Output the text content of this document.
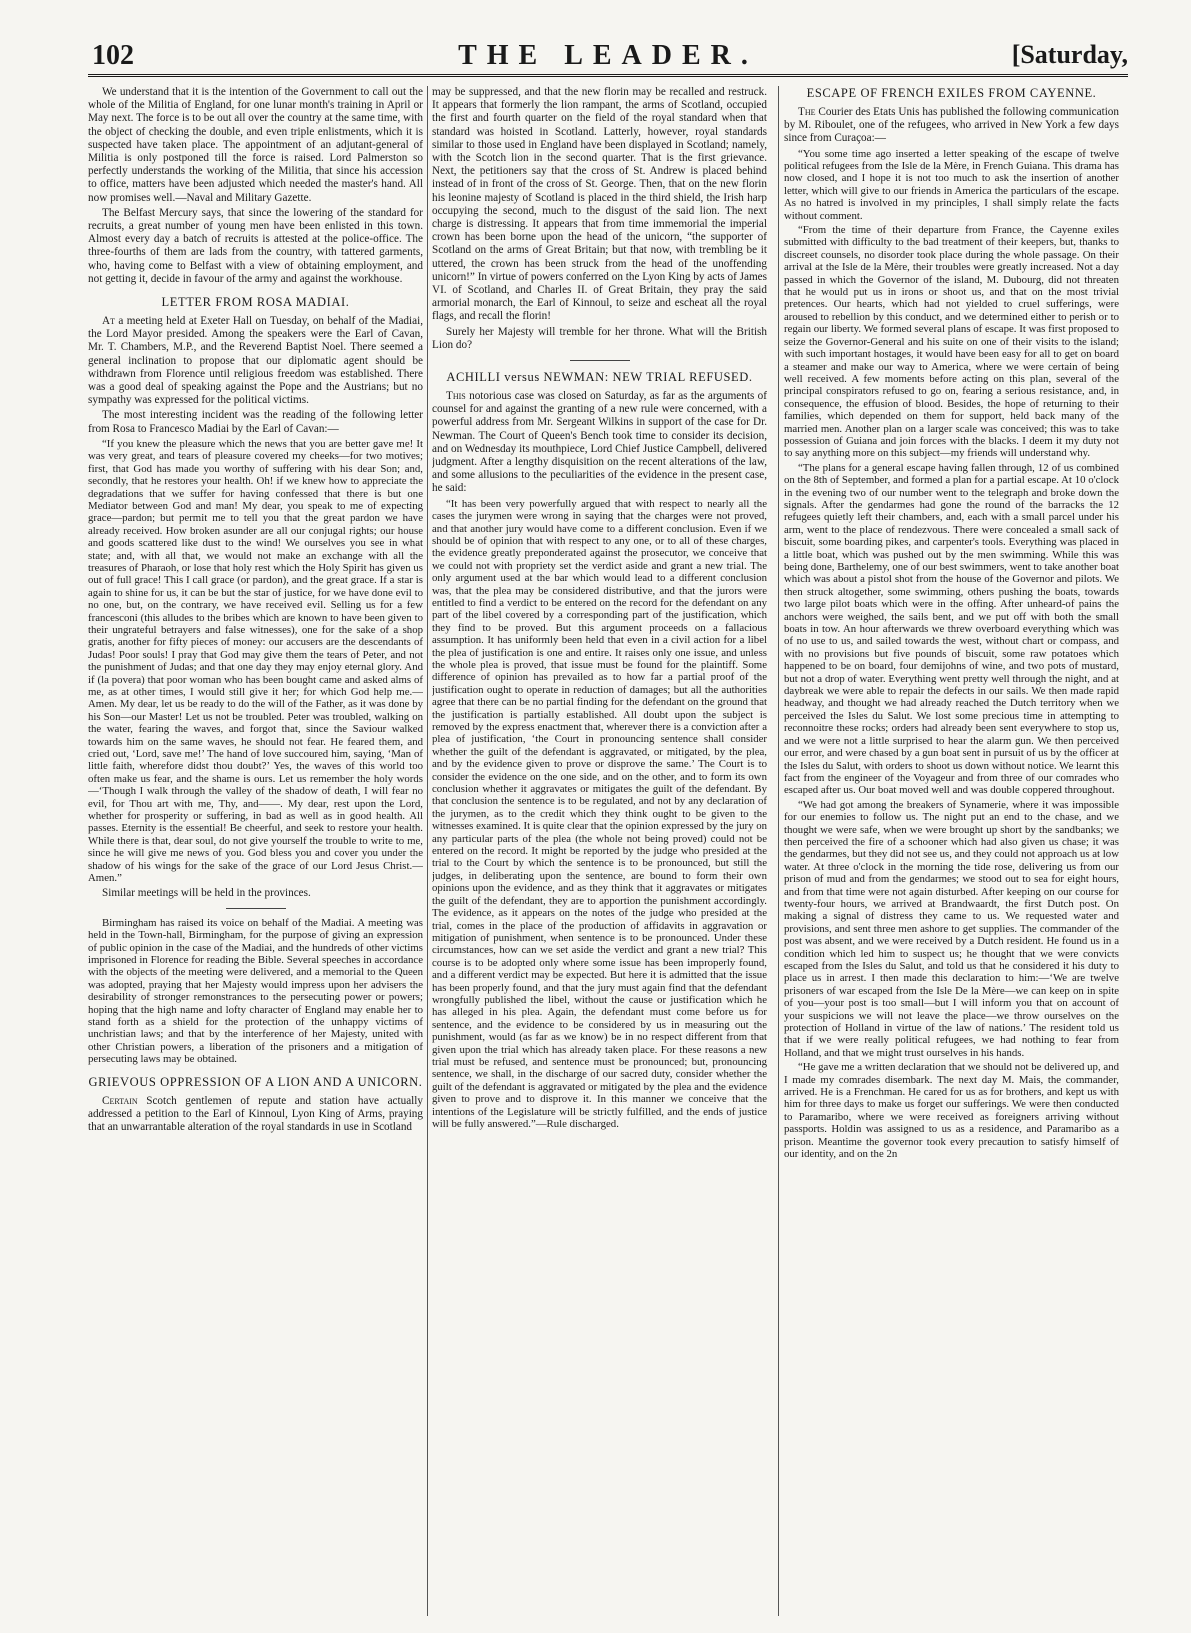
102	THE LEADER.	[Saturday,

We understand that it is the intention of the Government to call out the whole of the Militia of England, for one lunar month's training in April or May next. The force is to be out all over the country at the same time, with the object of checking the double, and even triple enlistments, which it is suspected have taken place. The appointment of an adjutant-general of Militia is only postponed till the force is raised. Lord Palmerston so perfectly understands the working of the Militia, that since his accession to office, matters have been adjusted which needed the master's hand. All now promises well.—Naval and Military Gazette.

The Belfast Mercury says, that since the lowering of the standard for recruits, a great number of young men have been enlisted in this town. Almost every day a batch of recruits is attested at the police-office. The three-fourths of them are lads from the country, with tattered garments, who, having come to Belfast with a view of obtaining employment, and not getting it, decide in favour of the army and against the workhouse.

LETTER FROM ROSA MADIAI.

At a meeting held at Exeter Hall on Tuesday, on behalf of the Madiai, the Lord Mayor presided. Among the speakers were the Earl of Cavan, Mr. T. Chambers, M.P., and the Reverend Baptist Noel. There seemed a general inclination to propose that our diplomatic agent should be withdrawn from Florence until religious freedom was established. There was a good deal of speaking against the Pope and the Austrians; but no sympathy was expressed for the political victims.

The most interesting incident was the reading of the following letter from Rosa to Francesco Madiai by the Earl of Cavan:—

“If you knew the pleasure which the news that you are better gave me! It was very great, and tears of pleasure covered my cheeks—for two motives; first, that God has made you worthy of suffering with his dear Son; and, secondly, that he restores your health. Oh! if we knew how to appreciate the degradations that we suffer for having confessed that there is but one Mediator between God and man! My dear, you speak to me of expecting grace—pardon; but permit me to tell you that the great pardon we have already received. How broken asunder are all our conjugal rights; our house and goods scattered like dust to the wind! We ourselves you see in what state; and, with all that, we would not make an exchange with all the treasures of Pharaoh, or lose that holy rest which the Holy Spirit has given us out of full grace! This I call grace (or pardon), and the great grace. If a star is again to shine for us, it can be but the star of justice, for we have done evil to no one, but, on the contrary, we have received evil. Selling us for a few francesconi (this alludes to the bribes which are known to have been given to their ungrateful betrayers and false witnesses), one for the sake of a shop gratis, another for fifty pieces of money: our accusers are the descendants of Judas! Poor souls! I pray that God may give them the tears of Peter, and not the punishment of Judas; and that one day they may enjoy eternal glory. And if (la povera) that poor woman who has been bought came and asked alms of me, as at other times, I would still give it her; for which God help me.—Amen. My dear, let us be ready to do the will of the Father, as it was done by his Son—our Master! Let us not be troubled. Peter was troubled, walking on the water, fearing the waves, and forgot that, since the Saviour walked towards him on the same waves, he should not fear. He feared them, and cried out, ‘Lord, save me!’ The hand of love succoured him, saying, ‘Man of little faith, wherefore didst thou doubt?’ Yes, the waves of this world too often make us fear, and the shame is ours. Let us remember the holy words—‘Though I walk through the valley of the shadow of death, I will fear no evil, for Thou art with me, Thy, and——. My dear, rest upon the Lord, whether for prosperity or suffering, in bad as well as in good health. All passes. Eternity is the essential! Be cheerful, and seek to restore your health. While there is that, dear soul, do not give yourself the trouble to write to me, since he will give me news of you. God bless you and cover you under the shadow of his wings for the sake of the grace of our Lord Jesus Christ.—Amen.”

Similar meetings will be held in the provinces.

Birmingham has raised its voice on behalf of the Madiai. A meeting was held in the Town-hall, Birmingham, for the purpose of giving an expression of public opinion in the case of the Madiai, and the hundreds of other victims imprisoned in Florence for reading the Bible. Several speeches in accordance with the objects of the meeting were delivered, and a memorial to the Queen was adopted, praying that her Majesty would impress upon her advisers the desirability of stronger remonstrances to the persecuting power or powers; hoping that the high name and lofty character of England may enable her to stand forth as a shield for the protection of the unhappy victims of unchristian laws; and that by the interference of her Majesty, united with other Christian powers, a liberation of the prisoners and a mitigation of persecuting laws may be obtained.

GRIEVOUS OPPRESSION OF A LION AND A UNICORN.

Certain Scotch gentlemen of repute and station have actually addressed a petition to the Earl of Kinnoul, Lyon King of Arms, praying that an unwarrantable alteration of the royal standards in use in Scotland

may be suppressed, and that the new florin may be recalled and restruck. It appears that formerly the lion rampant, the arms of Scotland, occupied the first and fourth quarter on the field of the royal standard when that standard was hoisted in Scotland. Latterly, however, royal standards similar to those used in England have been displayed in Scotland; namely, with the Scotch lion in the second quarter. That is the first grievance. Next, the petitioners say that the cross of St. Andrew is placed behind instead of in front of the cross of St. George. Then, that on the new florin his leonine majesty of Scotland is placed in the third shield, the Irish harp occupying the second, much to the disgust of the said lion. The next charge is distressing. It appears that from time immemorial the imperial crown has been borne upon the head of the unicorn, “the supporter of Scotland on the arms of Great Britain; but that now, with trembling be it uttered, the crown has been struck from the head of the unoffending unicorn!” In virtue of powers conferred on the Lyon King by acts of James VI. of Scotland, and Charles II. of Great Britain, they pray the said armorial monarch, the Earl of Kinnoul, to seize and escheat all the royal flags, and recall the florin!

Surely her Majesty will tremble for her throne. What will the British Lion do?

ACHILLI versus NEWMAN: NEW TRIAL REFUSED.

This notorious case was closed on Saturday, as far as the arguments of counsel for and against the granting of a new rule were concerned, with a powerful address from Mr. Sergeant Wilkins in support of the case for Dr. Newman. The Court of Queen's Bench took time to consider its decision, and on Wednesday its mouthpiece, Lord Chief Justice Campbell, delivered judgment. After a lengthy disquisition on the recent alterations of the law, and some allusions to the peculiarities of the evidence in the present case, he said:

“It has been very powerfully argued that with respect to nearly all the cases the jurymen were wrong in saying that the charges were not proved, and that another jury would have come to a different conclusion. Even if we should be of opinion that with respect to any one, or to all of these charges, the evidence greatly preponderated against the prosecutor, we conceive that we could not with propriety set the verdict aside and grant a new trial. The only argument used at the bar which would lead to a different conclusion was, that the plea may be considered distributive, and that the jurors were entitled to find a verdict to be entered on the record for the defendant on any part of the libel covered by a corresponding part of the justification, which they find to be proved. But this argument proceeds on a fallacious assumption. It has uniformly been held that even in a civil action for a libel the plea of justification is one and entire. It raises only one issue, and unless the whole plea is proved, that issue must be found for the plaintiff. Some difference of opinion has prevailed as to how far a partial proof of the justification ought to operate in reduction of damages; but all the authorities agree that there can be no partial finding for the defendant on the ground that the justification is partially established. All doubt upon the subject is removed by the express enactment that, wherever there is a conviction after a plea of justification, ‘the Court in pronouncing sentence shall consider whether the guilt of the defendant is aggravated, or mitigated, by the plea, and by the evidence given to prove or disprove the same.’ The Court is to consider the evidence on the one side, and on the other, and to form its own conclusion whether it aggravates or mitigates the guilt of the defendant. By that conclusion the sentence is to be regulated, and not by any declaration of the jurymen, as to the credit which they think ought to be given to the witnesses examined. It is quite clear that the opinion expressed by the jury on any particular parts of the plea (the whole not being proved) could not be entered on the record. It might be reported by the judge who presided at the trial to the Court by which the sentence is to be pronounced, but still the judges, in deliberating upon the sentence, are bound to form their own opinions upon the evidence, and as they think that it aggravates or mitigates the guilt of the defendant, they are to apportion the punishment accordingly. The evidence, as it appears on the notes of the judge who presided at the trial, comes in the place of the production of affidavits in aggravation or mitigation of punishment, when sentence is to be pronounced. Under these circumstances, how can we set aside the verdict and grant a new trial? This course is to be adopted only where some issue has been improperly found, and a different verdict may be expected. But here it is admitted that the issue has been properly found, and that the jury must again find that the defendant wrongfully published the libel, without the cause or justification which he has alleged in his plea. Again, the defendant must come before us for sentence, and the evidence to be considered by us in measuring out the punishment, would (as far as we know) be in no respect different from that given upon the trial which has already taken place. For these reasons a new trial must be refused, and sentence must be pronounced; but, pronouncing sentence, we shall, in the discharge of our sacred duty, consider whether the guilt of the defendant is aggravated or mitigated by the plea and the evidence given to prove and to disprove it. In this manner we conceive that the intentions of the Legislature will be strictly fulfilled, and the ends of justice will be fully answered.”—Rule discharged.

ESCAPE OF FRENCH EXILES FROM CAYENNE.

The Courier des Etats Unis has published the following communication by M. Riboulet, one of the refugees, who arrived in New York a few days since from Curaçoa:—

“You some time ago inserted a letter speaking of the escape of twelve political refugees from the Isle de la Mère, in French Guiana. This drama has now closed, and I hope it is not too much to ask the insertion of another letter, which will give to our friends in America the particulars of the escape. As no hatred is involved in my principles, I shall simply relate the facts without comment.

“From the time of their departure from France, the Cayenne exiles submitted with difficulty to the bad treatment of their keepers, but, thanks to discreet counsels, no disorder took place during the whole passage. On their arrival at the Isle de la Mère, their troubles were greatly increased. Not a day passed in which the Governor of the island, M. Dubourg, did not threaten that he would put us in irons or shoot us, and that on the most trivial pretences. Our hearts, which had not yielded to cruel sufferings, were aroused to rebellion by this conduct, and we determined either to perish or to regain our liberty. We formed several plans of escape. It was first proposed to seize the Governor-General and his suite on one of their visits to the island; with such important hostages, it would have been easy for all to get on board a steamer and make our way to America, where we were certain of being well received. A few moments before acting on this plan, several of the principal conspirators refused to go on, fearing a serious resistance, and, in consequence, the effusion of blood. Besides, the hope of returning to their families, which depended on them for support, held back many of the married men. Another plan on a larger scale was conceived; this was to take possession of Guiana and join forces with the blacks. I deem it my duty not to say anything more on this subject—my friends will understand why.

“The plans for a general escape having fallen through, 12 of us combined on the 8th of September, and formed a plan for a partial escape. At 10 o'clock in the evening two of our number went to the telegraph and broke down the signals. After the gendarmes had gone the round of the barracks the 12 refugees quietly left their chambers, and, each with a small parcel under his arm, went to the place of rendezvous. There were concealed a small sack of biscuit, some boarding pikes, and carpenter's tools. Everything was placed in a little boat, which was pushed out by the men swimming. While this was being done, Barthelemy, one of our best swimmers, went to take another boat which was about a pistol shot from the house of the Governor and pilots. We then struck altogether, some swimming, others pushing the boats, towards two large pilot boats which were in the offing. After unheard-of pains the anchors were weighed, the sails bent, and we put off with both the small boats in tow. An hour afterwards we threw overboard everything which was of no use to us, and sailed towards the west, without chart or compass, and with no provisions but five pounds of biscuit, some raw potatoes which happened to be on board, four demijohns of wine, and two pots of mustard, but not a drop of water. Everything went pretty well through the night, and at daybreak we were able to repair the defects in our sails. We then made rapid headway, and thought we had already reached the Dutch territory when we perceived the Isles du Salut. We lost some precious time in attempting to reconnoitre these rocks; orders had already been sent everywhere to stop us, and we were not a little surprised to hear the alarm gun. We then perceived our error, and were chased by a gun boat sent in pursuit of us by the officer at the Isles du Salut, with orders to shoot us down without notice. We learnt this fact from the engineer of the Voyageur and from three of our comrades who escaped after us. Our boat moved well and was double coppered throughout.

“We had got among the breakers of Synamerie, where it was impossible for our enemies to follow us. The night put an end to the chase, and we thought we were safe, when we were brought up short by the sandbanks; we then perceived the fire of a schooner which had also given us chase; it was the gendarmes, but they did not see us, and they could not approach us at low water. At three o'clock in the morning the tide rose, delivering us from our prison of mud and from the gendarmes; we stood out to sea for eight hours, and from that time were not again disturbed. After keeping on our course for twenty-four hours, we arrived at Brandwaardt, the first Dutch post. On making a signal of distress they came to us. We requested water and provisions, and sent three men ashore to get supplies. The commander of the post was absent, and we were received by a Dutch resident. He found us in a condition which led him to suspect us; he thought that we were convicts escaped from the Isles du Salut, and told us that he considered it his duty to place us in arrest. I then made this declaration to him:—‘We are twelve prisoners of war escaped from the Isle De la Mère—we can keep on in spite of you—your post is too small—but I will inform you that on account of your suspicions we will not leave the place—we throw ourselves on the protection of Holland in virtue of the law of nations.’ The resident told us that if we were really political refugees, we had nothing to fear from Holland, and that we might trust ourselves in his hands.

“He gave me a written declaration that we should not be delivered up, and I made my comrades disembark. The next day M. Mais, the commander, arrived. He is a Frenchman. He cared for us as for brothers, and kept us with him for three days to make us forget our sufferings. We were then conducted to Paramaribo, where we were received as foreigners arriving without passports. Holdin was assigned to us as a residence, and Paramaribo as a prison. Meantime the governor took every precaution to satisfy himself of our identity, and on the 2n
